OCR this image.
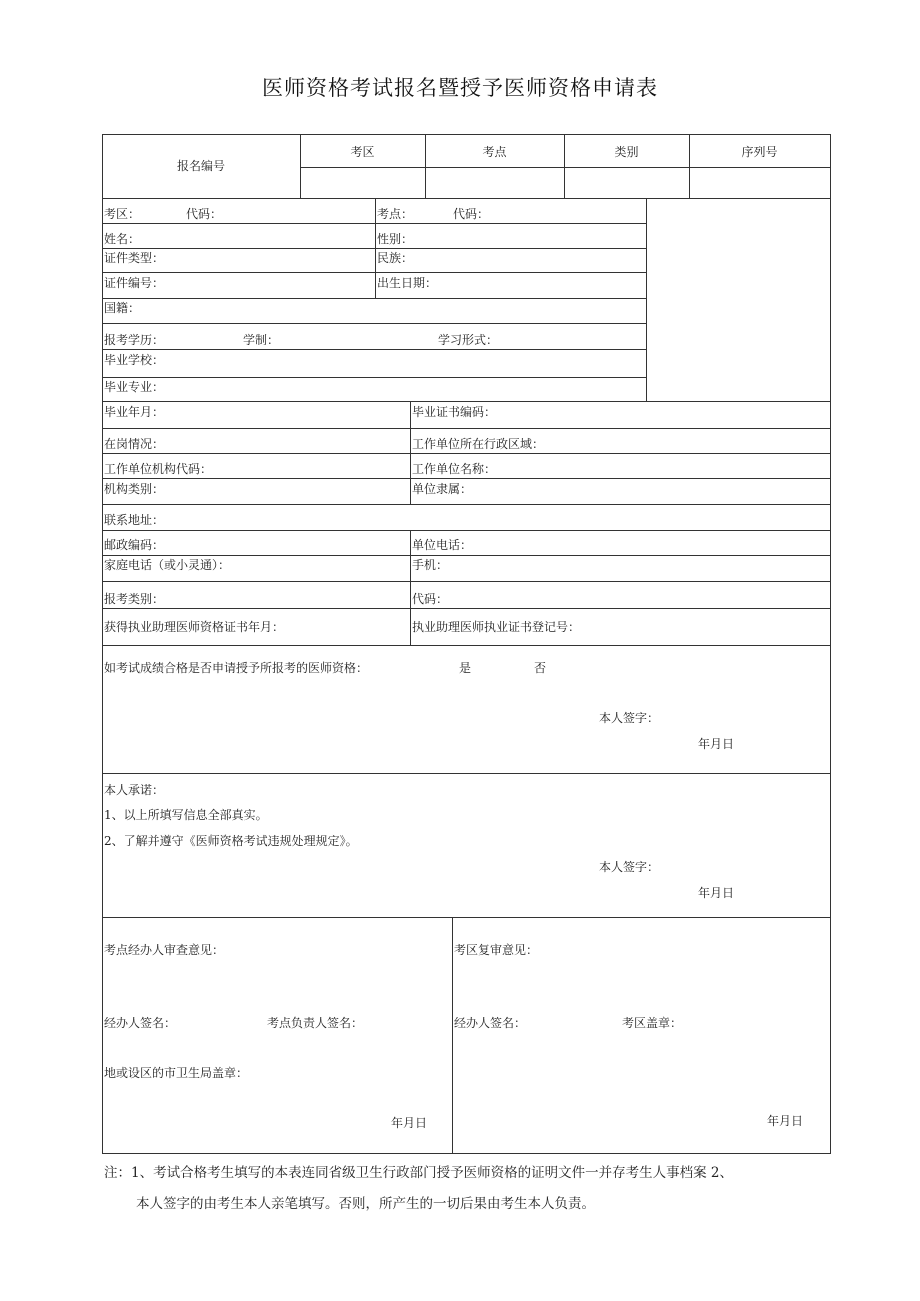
医师资格考试报名暨授予医师资格申请表
报名编号
考区	考点	类别	序列号
考区：	代码：	考点：	代码：
姓名：	性别：
证件类型：	民族：
证件编号：	出生日期：
国籍：
报考学历：	学制：	学习形式：
毕业学校：
毕业专业：
毕业年月：	毕业证书编码：
在岗情况：	工作单位所在行政区域：
工作单位机构代码：	工作单位名称：
机构类别：	单位隶属：
联系地址：
邮政编码：	单位电话：
家庭电话（或小灵通）：	手机：
报考类别：	代码：
获得执业助理医师资格证书年月：	执业助理医师执业证书登记号：
如考试成绩合格是否申请授予所报考的医师资格：	是	否
本人签字：
年月日
本人承诺：
1、以上所填写信息全部真实。
2、了解并遵守《医师资格考试违规处理规定》。
本人签字：
年月日
考点经办人审查意见：
经办人签名：	考点负责人签名：
地或设区的市卫生局盖章：
年月日
考区复审意见：
经办人签名：	考区盖章：
年月日
注：1、考试合格考生填写的本表连同省级卫生行政部门授予医师资格的证明文件一并存考生人事档案 2、
本人签字的由考生本人亲笔填写。否则，所产生的一切后果由考生本人负责。
